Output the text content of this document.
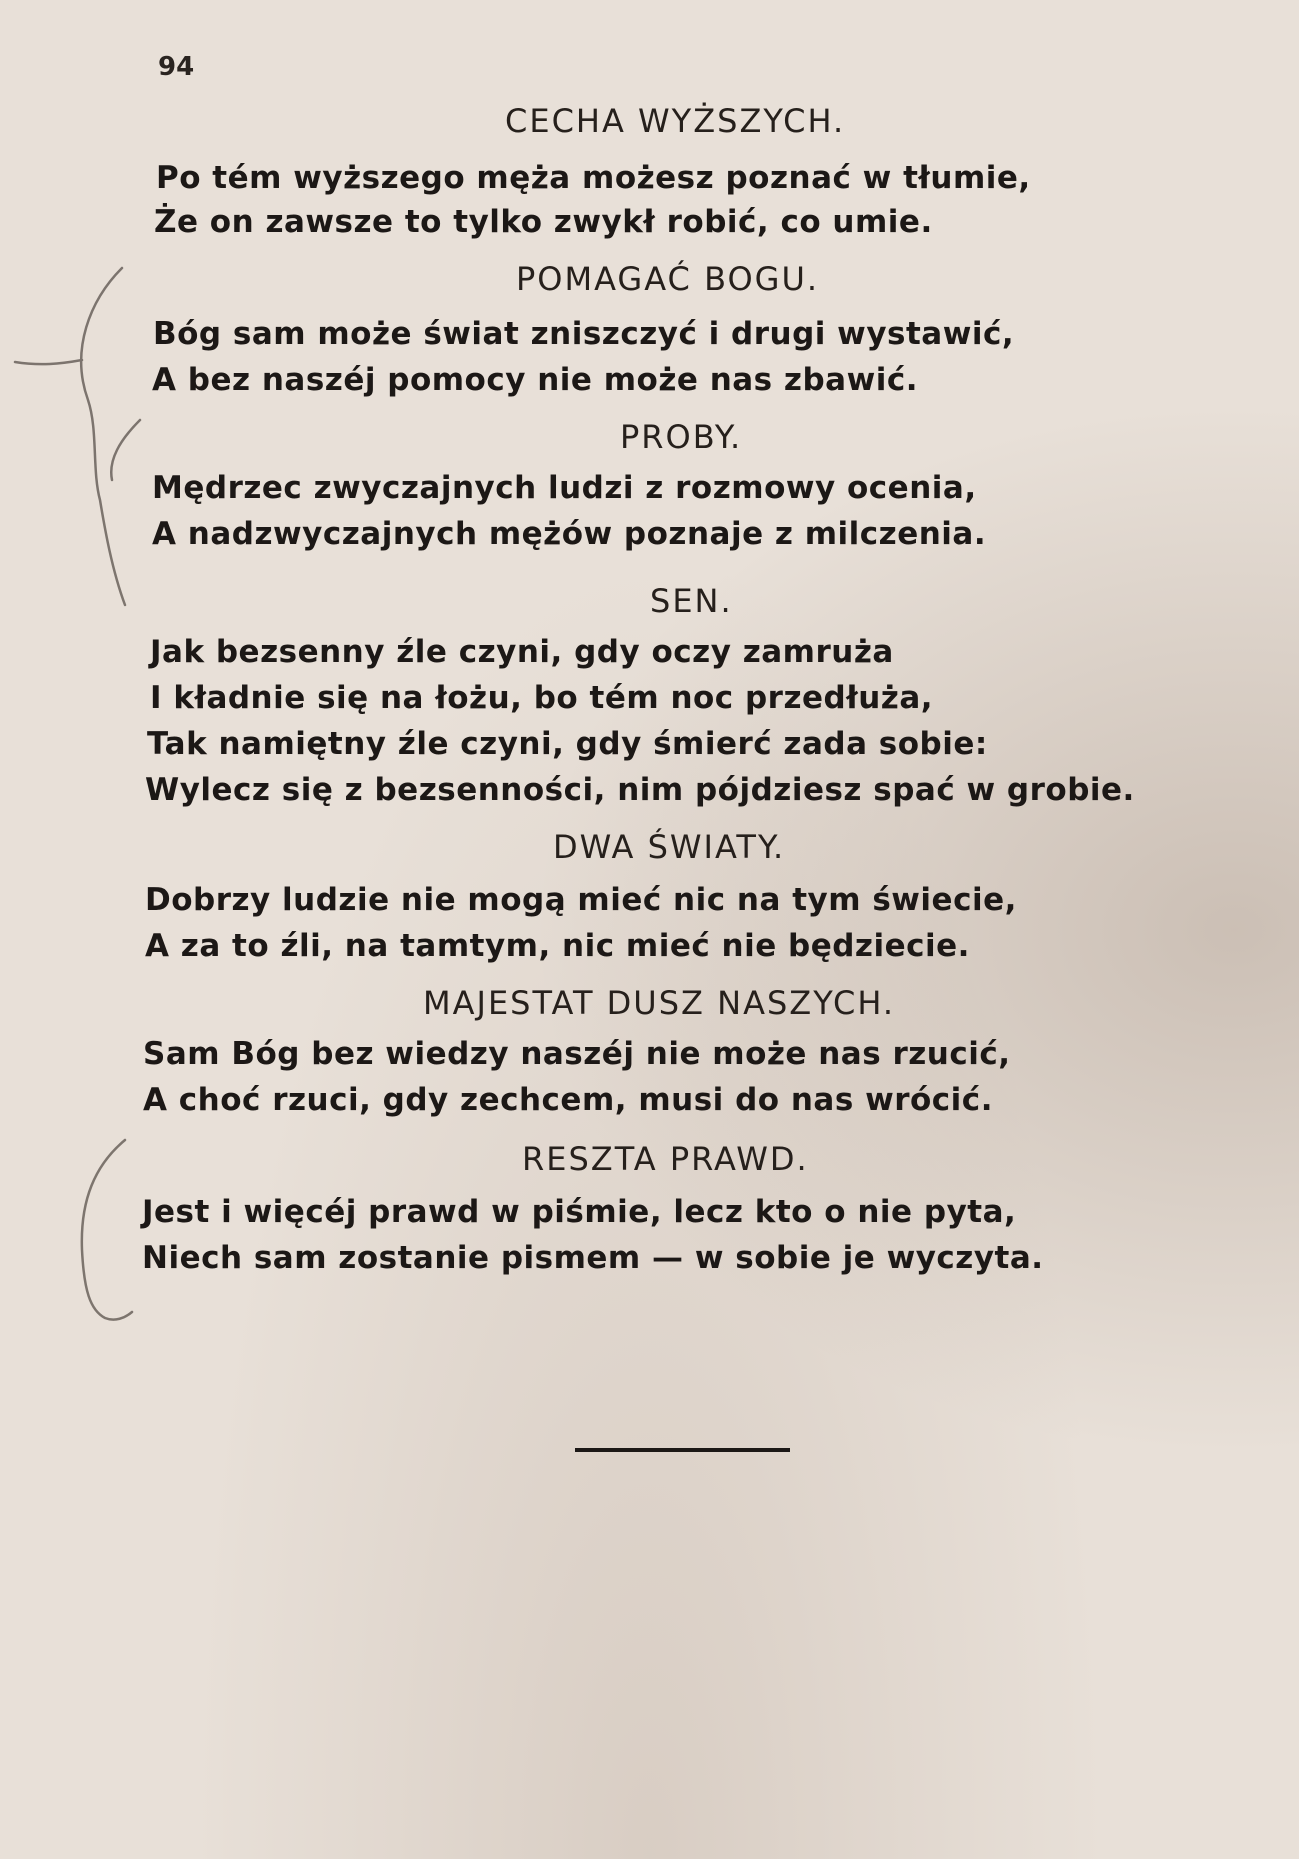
94
CECHA WYŻSZYCH.
Po tém wyższego męża możesz poznać w tłumie,
Że on zawsze to tylko zwykł robić, co umie.
POMAGAĆ BOGU.
Bóg sam może świat zniszczyć i drugi wystawić,
A bez naszéj pomocy nie może nas zbawić.
PROBY.
Mędrzec zwyczajnych ludzi z rozmowy ocenia,
A nadzwyczajnych mężów poznaje z milczenia.
SEN.
Jak bezsenny źle czyni, gdy oczy zamruża
I kładnie się na łożu, bo tém noc przedłuża,
Tak namiętny źle czyni, gdy śmierć zada sobie:
Wylecz się z bezsenności, nim pójdziesz spać w grobie.
DWA ŚWIATY.
Dobrzy ludzie nie mogą mieć nic na tym świecie,
A za to źli, na tamtym, nic mieć nie będziecie.
MAJESTAT DUSZ NASZYCH.
Sam Bóg bez wiedzy naszéj nie może nas rzucić,
A choć rzuci, gdy zechcem, musi do nas wrócić.
RESZTA PRAWD.
Jest i więcéj prawd w piśmie, lecz kto o nie pyta,
Niech sam zostanie pismem — w sobie je wyczyta.
